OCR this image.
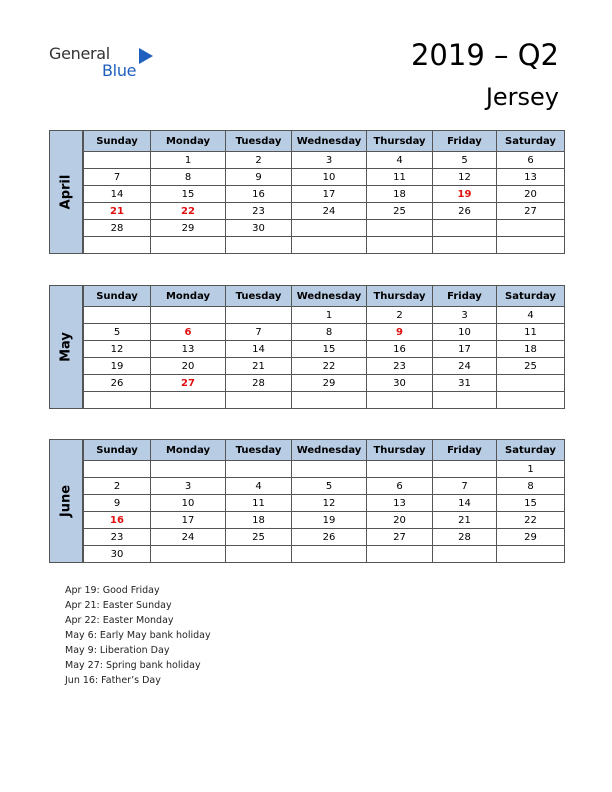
General
Blue	2019 – Q2
Jersey
April
Sunday	Monday	Tuesday	Wednesday	Thursday	Friday	Saturday
	1	2	3	4	5	6
7	8	9	10	11	12	13
14	15	16	17	18	19	20
21	22	23	24	25	26	27
28	29	30				

May
Sunday	Monday	Tuesday	Wednesday	Thursday	Friday	Saturday
			1	2	3	4
5	6	7	8	9	10	11
12	13	14	15	16	17	18
19	20	21	22	23	24	25
26	27	28	29	30	31	

June
Sunday	Monday	Tuesday	Wednesday	Thursday	Friday	Saturday
						1
2	3	4	5	6	7	8
9	10	11	12	13	14	15
16	17	18	19	20	21	22
23	24	25	26	27	28	29
30						
Apr 19: Good Friday
Apr 21: Easter Sunday
Apr 22: Easter Monday
May 6: Early May bank holiday
May 9: Liberation Day
May 27: Spring bank holiday
Jun 16: Father’s Day
